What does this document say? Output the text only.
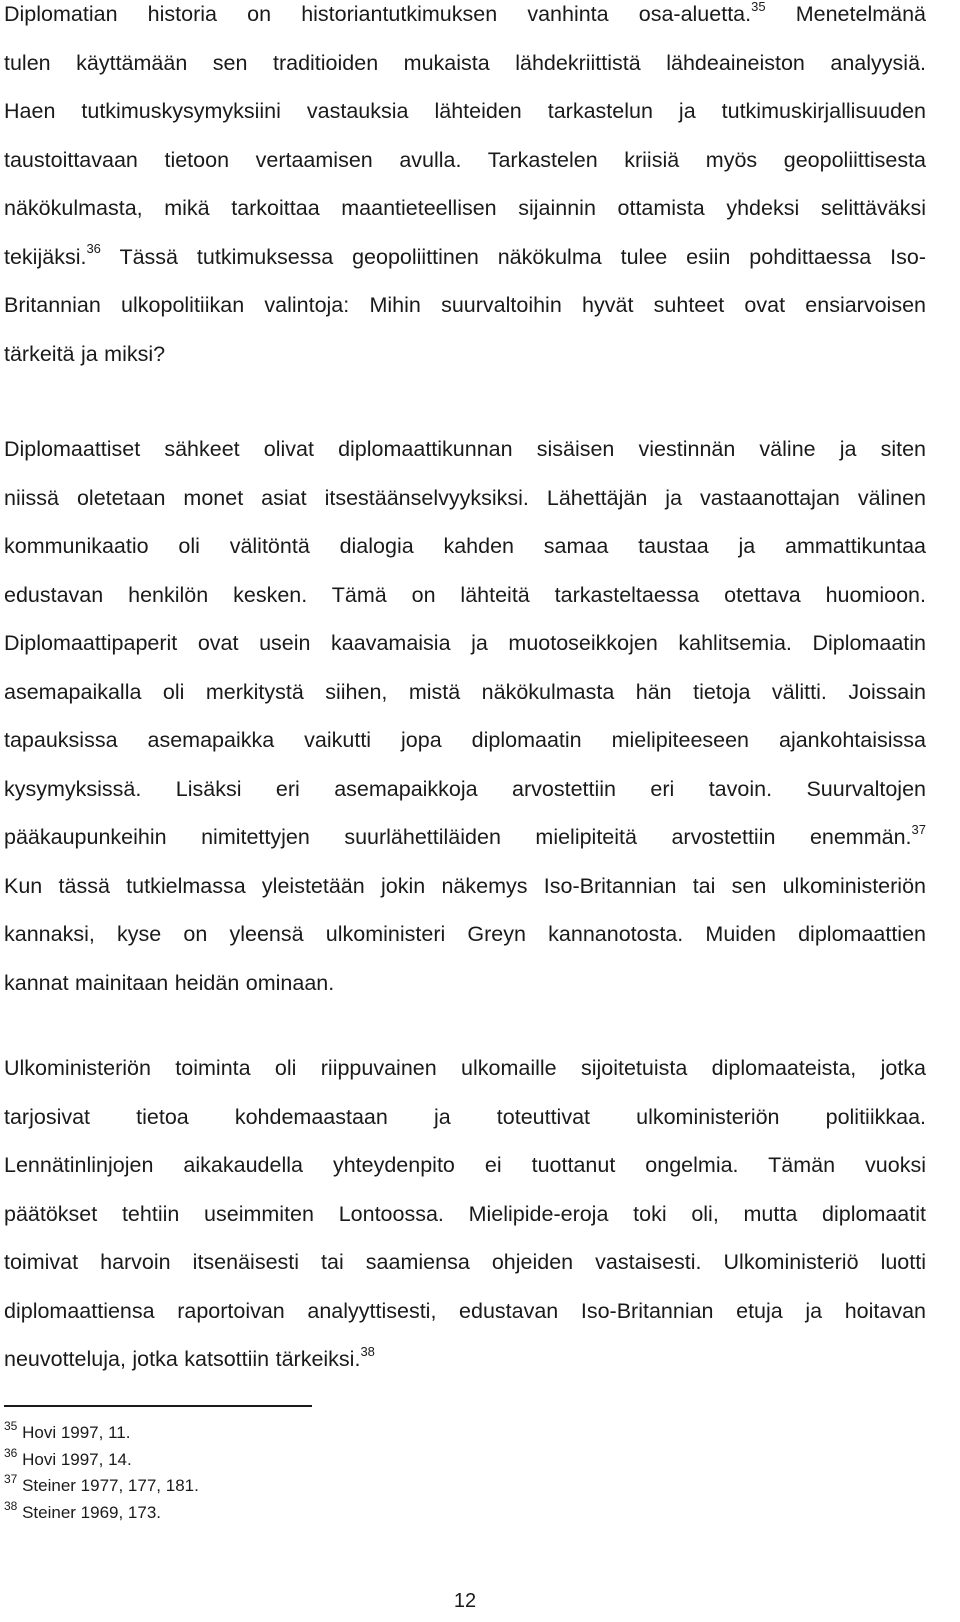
Diplomatian historia on historiantutkimuksen vanhinta osa-aluetta.$^{35}$ Menetelmänä
tulen käyttämään sen traditioiden mukaista lähdekriittistä lähdeaineiston analyysiä.
Haen tutkimuskysymyksiini vastauksia lähteiden tarkastelun ja tutkimuskirjallisuuden
taustoittavaan tietoon vertaamisen avulla. Tarkastelen kriisiä myös geopoliittisesta
näkökulmasta, mikä tarkoittaa maantieteellisen sijainnin ottamista yhdeksi selittäväksi
tekijäksi.$^{36}$ Tässä tutkimuksessa geopoliittinen näkökulma tulee esiin pohdittaessa Iso-
Britannian ulkopolitiikan valintoja: Mihin suurvaltoihin hyvät suhteet ovat ensiarvoisen
tärkeitä ja miksi?
Diplomaattiset sähkeet olivat diplomaattikunnan sisäisen viestinnän väline ja siten
niissä oletetaan monet asiat itsestäänselvyyksiksi. Lähettäjän ja vastaanottajan välinen
kommunikaatio oli välitöntä dialogia kahden samaa taustaa ja ammattikuntaa
edustavan henkilön kesken. Tämä on lähteitä tarkasteltaessa otettava huomioon.
Diplomaattipaperit ovat usein kaavamaisia ja muotoseikkojen kahlitsemia. Diplomaatin
asemapaikalla oli merkitystä siihen, mistä näkökulmasta hän tietoja välitti. Joissain
tapauksissa asemapaikka vaikutti jopa diplomaatin mielipiteeseen ajankohtaisissa
kysymyksissä. Lisäksi eri asemapaikkoja arvostettiin eri tavoin. Suurvaltojen
pääkaupunkeihin nimitettyjen suurlähettiläiden mielipiteitä arvostettiin enemmän.$^{37}$
Kun tässä tutkielmassa yleistetään jokin näkemys Iso-Britannian tai sen ulkoministeriön
kannaksi, kyse on yleensä ulkoministeri Greyn kannanotosta. Muiden diplomaattien
kannat mainitaan heidän ominaan.
Ulkoministeriön toiminta oli riippuvainen ulkomaille sijoitetuista diplomaateista, jotka
tarjosivat tietoa kohdemaastaan ja toteuttivat ulkoministeriön politiikkaa.
Lennätinlinjojen aikakaudella yhteydenpito ei tuottanut ongelmia. Tämän vuoksi
päätökset tehtiin useimmiten Lontoossa. Mielipide-eroja toki oli, mutta diplomaatit
toimivat harvoin itsenäisesti tai saamiensa ohjeiden vastaisesti. Ulkoministeriö luotti
diplomaattiensa raportoivan analyyttisesti, edustavan Iso-Britannian etuja ja hoitavan
neuvotteluja, jotka katsottiin tärkeiksi.$^{38}$
$^{35}$ Hovi 1997, 11.
$^{36}$ Hovi 1997, 14.
$^{37}$ Steiner 1977, 177, 181.
$^{38}$ Steiner 1969, 173.
12
